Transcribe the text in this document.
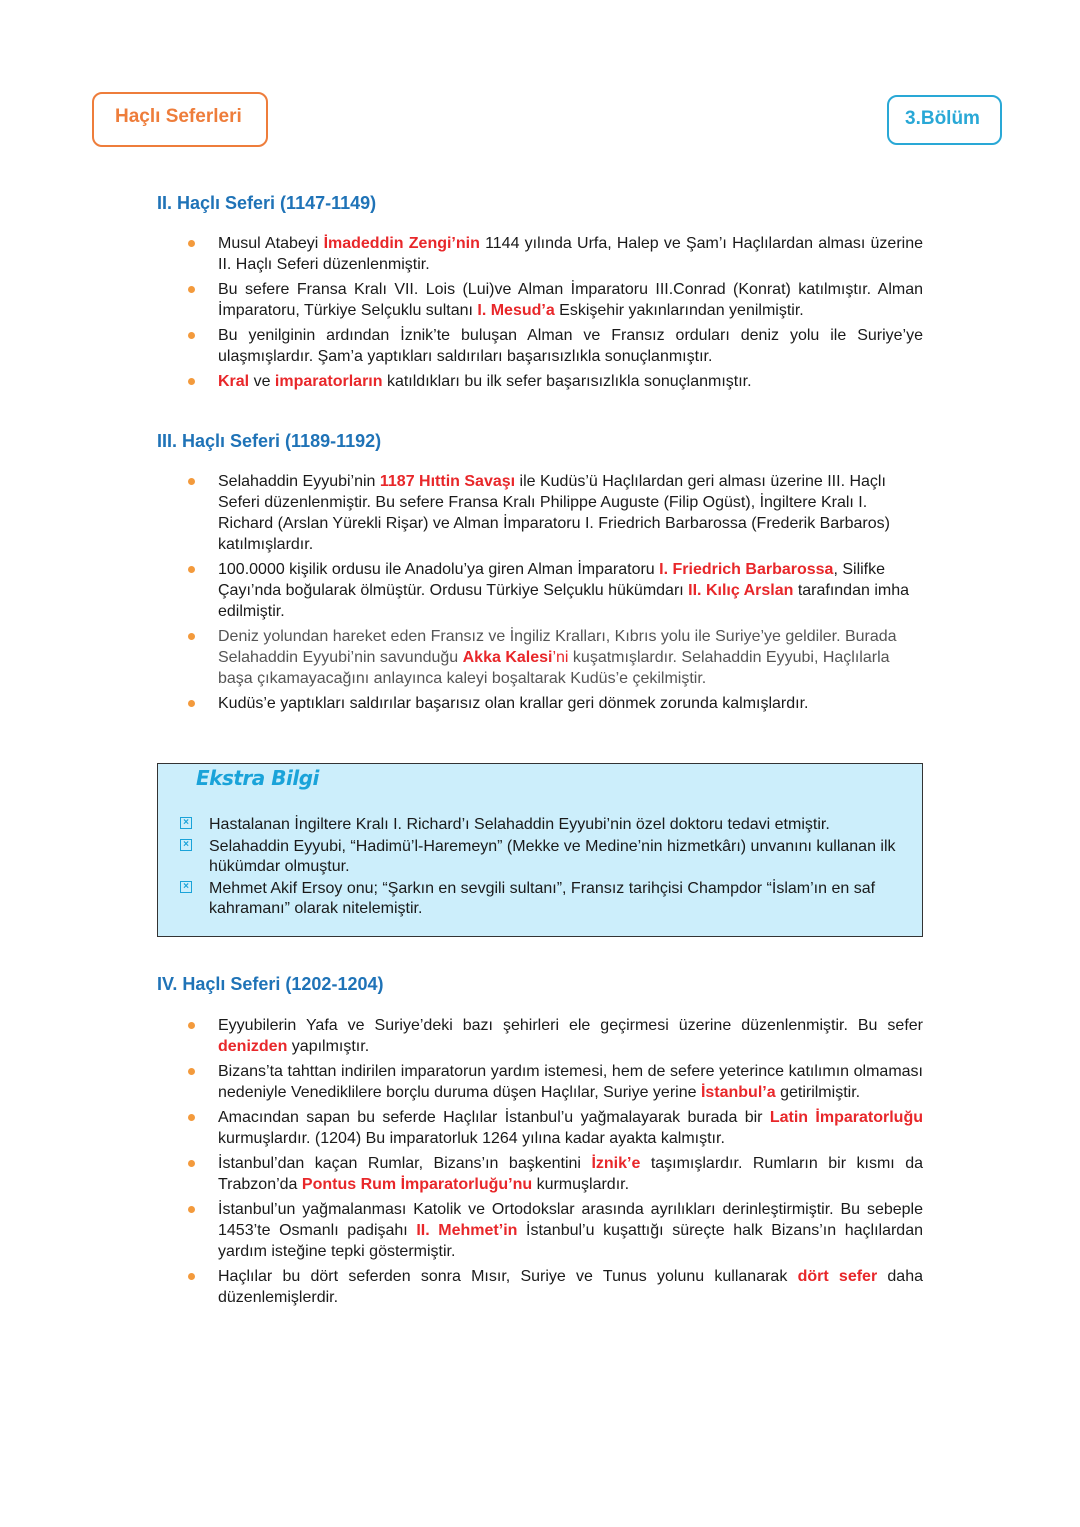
Haçlı Seferleri	3.Bölüm
II. Haçlı Seferi (1147-1149)
Musul Atabeyi İmadeddin Zengi’nin 1144 yılında Urfa, Halep ve Şam’ı Haçlılardan alması üzerine II. Haçlı Seferi düzenlenmiştir.
Bu sefere Fransa Kralı VII. Lois (Lui)ve Alman İmparatoru III.Conrad (Konrat) katılmıştır. Alman İmparatoru, Türkiye Selçuklu sultanı I. Mesud’a Eskişehir yakınlarından yenilmiştir.
Bu yenilginin ardından İznik’te buluşan Alman ve Fransız orduları deniz yolu ile Suriye’ye ulaşmışlardır. Şam’a yaptıkları saldırıları başarısızlıkla sonuçlanmıştır.
Kral ve imparatorların katıldıkları bu ilk sefer başarısızlıkla sonuçlanmıştır.
III. Haçlı Seferi (1189-1192)
Selahaddin Eyyubi’nin 1187 Hıttin Savaşı ile Kudüs’ü Haçlılardan geri alması üzerine III. Haçlı Seferi düzenlenmiştir. Bu sefere Fransa Kralı Philippe Auguste (Filip Ogüst), İngiltere Kralı I. Richard (Arslan Yürekli Rişar) ve Alman İmparatoru I. Friedrich Barbarossa (Frederik Barbaros) katılmışlardır.
100.0000 kişilik ordusu ile Anadolu’ya giren Alman İmparatoru I. Friedrich Barbarossa, Silifke Çayı’nda boğularak ölmüştür. Ordusu Türkiye Selçuklu hükümdarı II. Kılıç Arslan tarafından imha edilmiştir.
Deniz yolundan hareket eden Fransız ve İngiliz Kralları, Kıbrıs yolu ile Suriye’ye geldiler. Burada Selahaddin Eyyubi’nin savunduğu Akka Kalesi’ni kuşatmışlardır. Selahaddin Eyyubi, Haçlılarla başa çıkamayacağını anlayınca kaleyi boşaltarak Kudüs’e çekilmiştir.
Kudüs’e yaptıkları saldırılar başarısız olan krallar geri dönmek zorunda kalmışlardır.
Ekstra Bilgi
× Hastalanan İngiltere Kralı I. Richard’ı Selahaddin Eyyubi’nin özel doktoru tedavi etmiştir.
× Selahaddin Eyyubi, “Hadimü’l-Haremeyn” (Mekke ve Medine’nin hizmetkârı) unvanını kullanan ilk hükümdar olmuştur.
× Mehmet Akif Ersoy onu; “Şarkın en sevgili sultanı”, Fransız tarihçisi Champdor “İslam’ın en saf kahramanı” olarak nitelemiştir.
IV. Haçlı Seferi (1202-1204)
Eyyubilerin Yafa ve Suriye’deki bazı şehirleri ele geçirmesi üzerine düzenlenmiştir. Bu sefer denizden yapılmıştır.
Bizans’ta tahttan indirilen imparatorun yardım istemesi, hem de sefere yeterince katılımın olmaması nedeniyle Venediklilere borçlu duruma düşen Haçlılar, Suriye yerine İstanbul’a getirilmiştir.
Amacından sapan bu seferde Haçlılar İstanbul’u yağmalayarak burada bir Latin İmparatorluğu kurmuşlardır. (1204) Bu imparatorluk 1264 yılına kadar ayakta kalmıştır.
İstanbul’dan kaçan Rumlar, Bizans’ın başkentini İznik’e taşımışlardır. Rumların bir kısmı da Trabzon’da Pontus Rum İmparatorluğu’nu kurmuşlardır.
İstanbul’un yağmalanması Katolik ve Ortodokslar arasında ayrılıkları derinleştirmiştir. Bu sebeple 1453’te Osmanlı padişahı II. Mehmet’in İstanbul’u kuşattığı süreçte halk Bizans’ın haçlılardan yardım isteğine tepki göstermiştir.
Haçlılar bu dört seferden sonra Mısır, Suriye ve Tunus yolunu kullanarak dört sefer daha düzenlemişlerdir.
